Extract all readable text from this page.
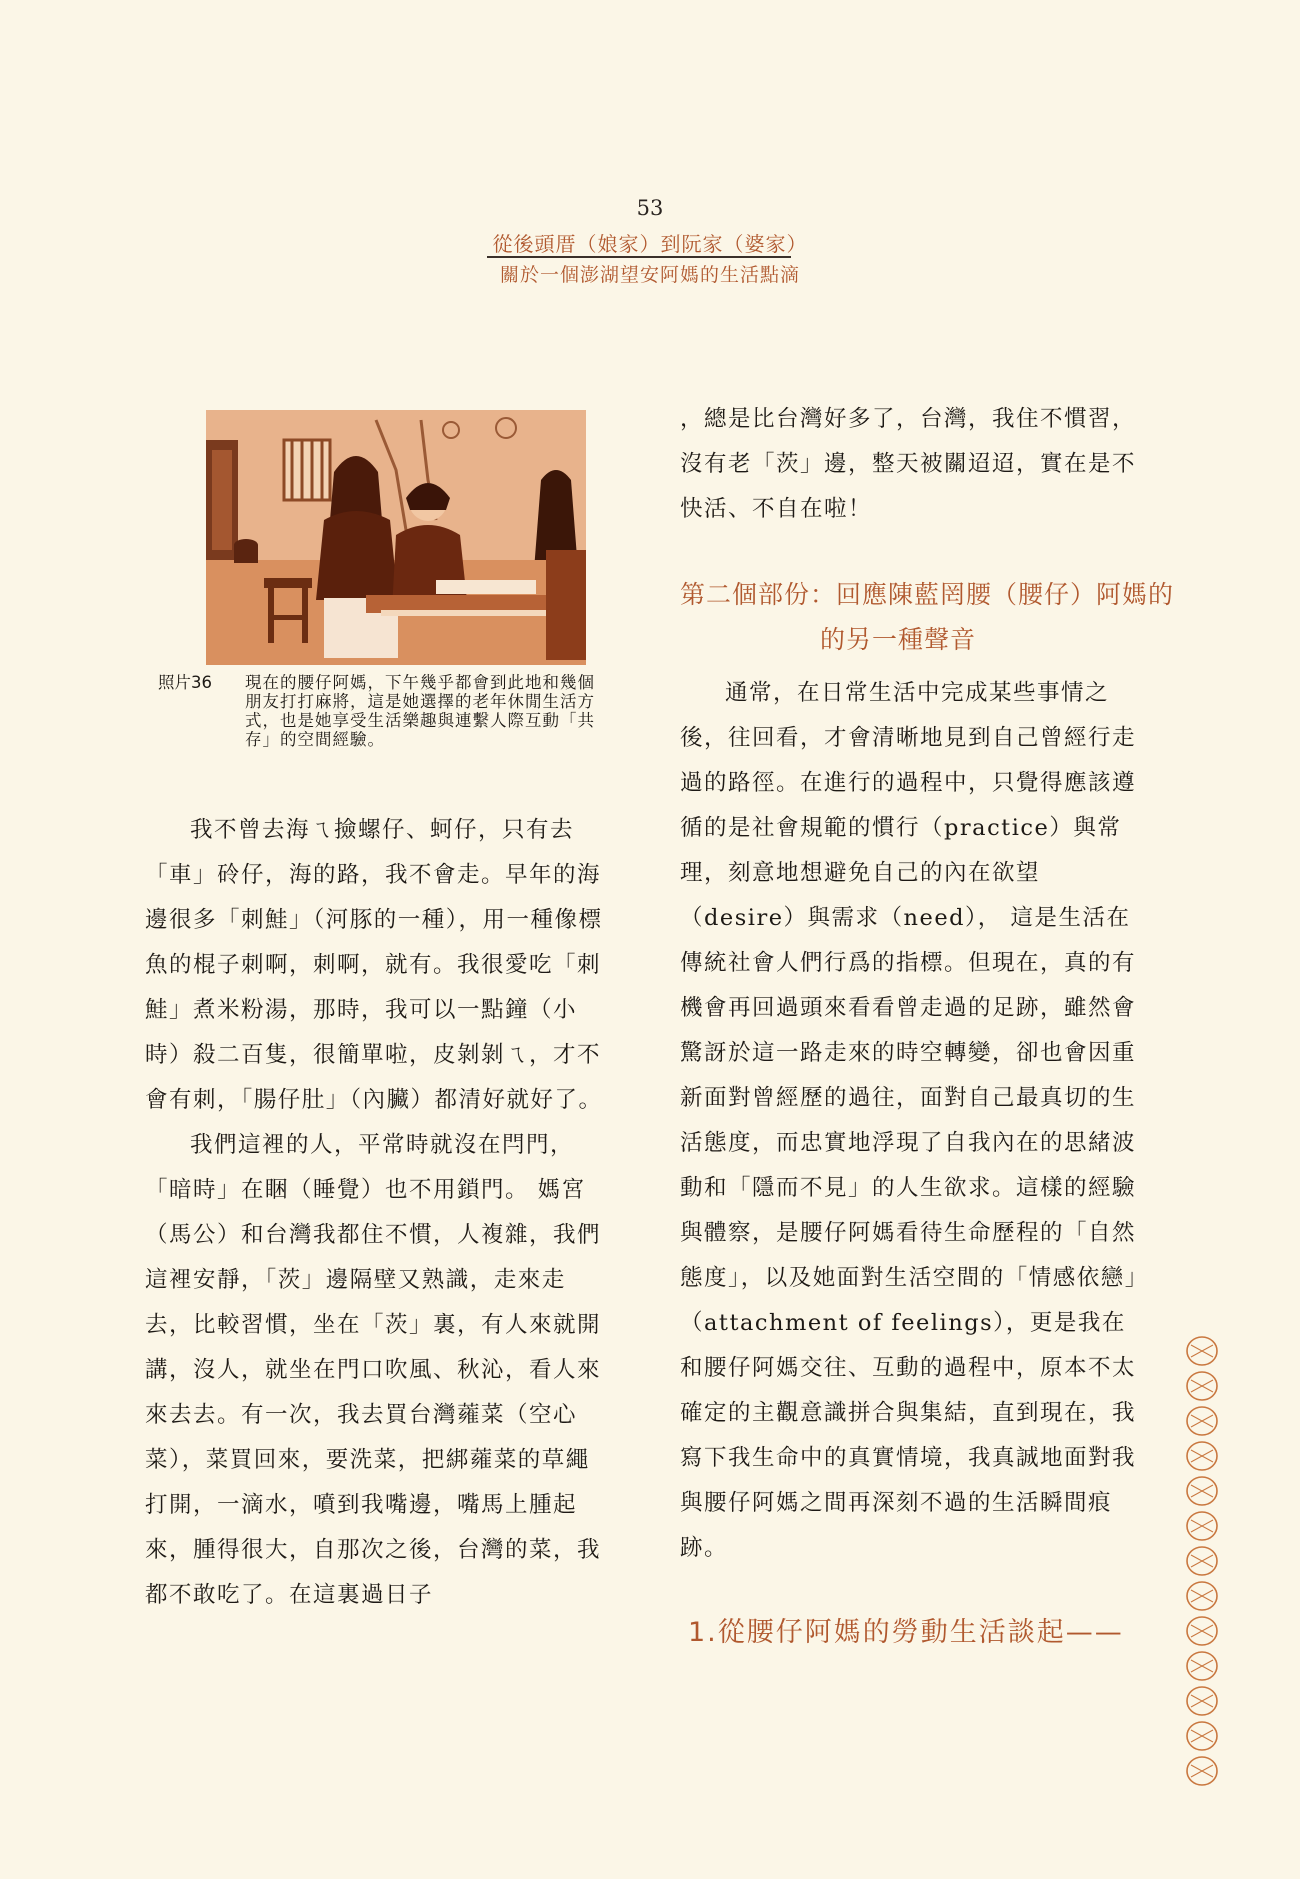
53
從後頭厝（娘家）到阮家（婆家）
關於一個澎湖望安阿媽的生活點滴
照片36 現在的腰仔阿媽，下午幾乎都會到此地和幾個朋友打打麻將，這是她選擇的老年休閒生活方式，也是她享受生活樂趣與連繫人際互動「共存」的空間經驗。

我不曾去海ㄟ撿螺仔、蚵仔，只有去「車」砱仔，海的路，我不會走。早年的海邊很多「刺鮭」（河豚的一種），用一種像標魚的棍子刺啊，刺啊，就有。我很愛吃「刺鮭」煮米粉湯，那時，我可以一點鐘（小時）殺二百隻，很簡單啦，皮剝剝ㄟ，才不會有刺，「腸仔肚」（內臟）都清好就好了。

我們這裡的人，平常時就沒在閂門，「暗時」在睏（睡覺）也不用鎖門。 媽宮（馬公）和台灣我都住不慣，人複雜，我們這裡安靜，「茨」邊隔壁又熟識，走來走去，比較習慣，坐在「茨」裏，有人來就開講，沒人，就坐在門口吹風、秋沁，看人來來去去。有一次，我去買台灣蕹菜（空心菜），菜買回來，要洗菜，把綁蕹菜的草繩打開，一滴水，噴到我嘴邊，嘴馬上腫起來，腫得很大，自那次之後，台灣的菜，我都不敢吃了。在這裏過日子

，總是比台灣好多了，台灣，我住不慣習，沒有老「茨」邊，整天被關迢迢，實在是不快活、不自在啦！

第二個部份：回應陳藍罔腰（腰仔）阿媽的
的另一種聲音

通常，在日常生活中完成某些事情之後，往回看，才會清晰地見到自己曾經行走過的路徑。在進行的過程中，只覺得應該遵循的是社會規範的慣行（practice）與常理，刻意地想避免自己的內在欲望（desire）與需求（need）， 這是生活在傳統社會人們行爲的指標。但現在，真的有機會再回過頭來看看曾走過的足跡，雖然會驚訝於這一路走來的時空轉變，卻也會因重新面對曾經歷的過往，面對自己最真切的生活態度，而忠實地浮現了自我內在的思緒波動和「隱而不見」的人生欲求。這樣的經驗與體察，是腰仔阿媽看待生命歷程的「自然態度」，以及她面對生活空間的「情感依戀」（attachment of feelings），更是我在和腰仔阿媽交往、互動的過程中，原本不太確定的主觀意識拼合與集結，直到現在，我寫下我生命中的真實情境，我真誠地面對我與腰仔阿媽之間再深刻不過的生活瞬間痕跡。

1.從腰仔阿媽的勞動生活談起——
